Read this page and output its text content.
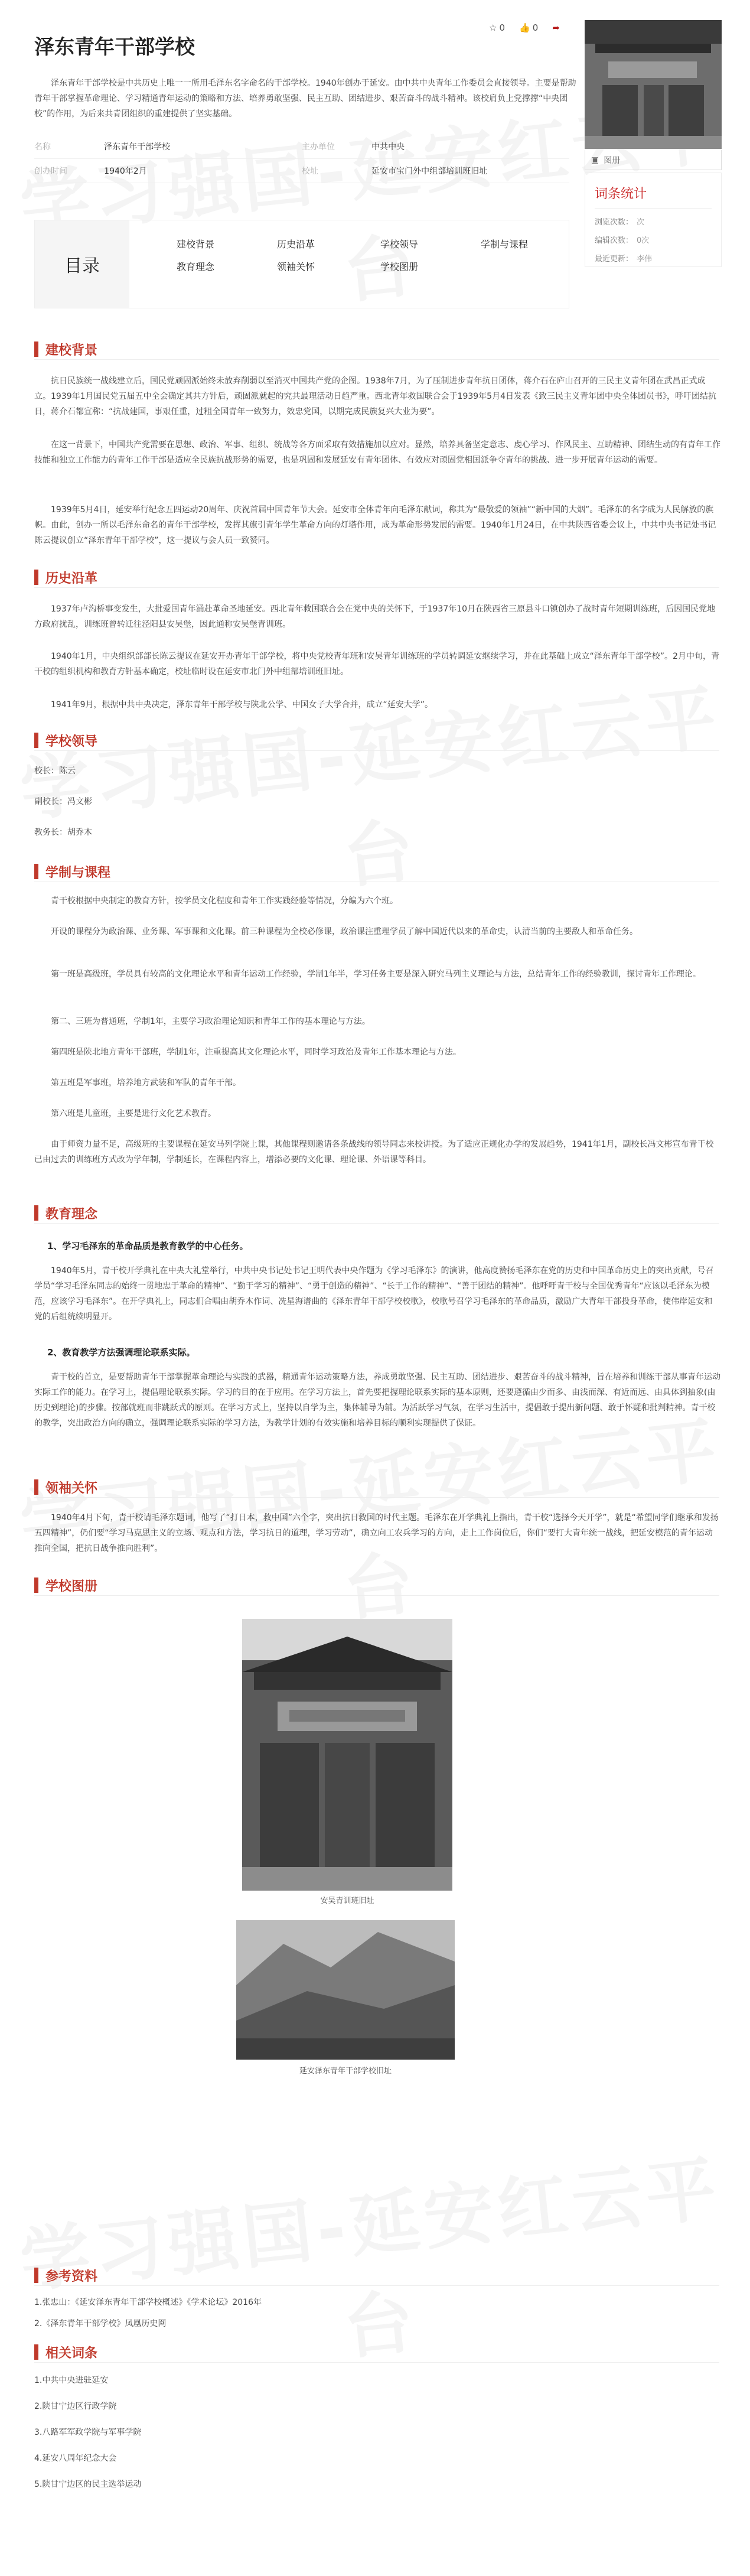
泽东青年干部学校
☆ 0 👍 0 ➦
泽东青年干部学校是中共历史上唯一一所用毛泽东名字命名的干部学校。1940年创办于延安。由中共中央青年工作委员会直接领导。主要是帮助青年干部掌握革命理论、学习精通青年运动的策略和方法、培养勇敢坚强、民主互助、团结进步、艰苦奋斗的战斗精神。该校肩负上党撑撑“中央团校”的作用，为后来共青团组织的重建提供了坚实基础。
▣ 图册
名称	泽东青年干部学校	主办单位	中共中央
创办时间	1940年2月	校址	延安市宝门外中组部培训班旧址
词条统计
浏览次数： 次
编辑次数： 0次
最近更新： 李伟
目录
建校背景	历史沿革	学校领导	学制与课程
教育理念	领袖关怀	学校图册
建校背景
抗日民族统一战线建立后，国民党顽固派始终未放弃削弱以至消灭中国共产党的企图。1938年7月，为了压制进步青年抗日团体，蒋介石在庐山召开的三民主义青年团在武昌正式成立。1939年1月国民党五届五中全会确定其共方针后，顽固派就起的究共最理活动日趋严重。西北青年救国联合会于1939年5月4日发表《致三民主义青年团中央全体团员书》，呼吁团结抗日，蒋介石都宣称：“抗战建国，事艰任重，过粗全国青年一致努力，效忠党国，以期完成民族复兴大业为要”。
在这一背景下，中国共产党需要在思想、政治、军事、组织、统战等各方面采取有效措施加以应对。显然，培养具备坚定意志、虔心学习、作风民主、互助精神、团结生动的有青年工作技能和独立工作能力的青年工作干部是适应全民族抗战形势的需要，也是巩固和发展延安有青年团体、有效应对顽固党相国派争夺青年的挑战、进一步开展青年运动的需要。
1939年5月4日，延安举行纪念五四运动20周年、庆祝首届中国青年节大会。延安市全体青年向毛泽东献词，称其为“最敬爱的领袖”“新中国的大烟”。毛泽东的名字成为人民解放的旗帜。由此，创办一所以毛泽东命名的青年干部学校，发挥其旗引青年学生革命方向的灯塔作用，成为革命形势发展的需要。1940年1月24日，在中共陕西省委会议上，中共中央书记处书记陈云提议创立“泽东青年干部学校”，这一提议与会人员一致赞同。
历史沿革
1937年卢沟桥事变发生，大批爱国青年涌赴革命圣地延安。西北青年救国联合会在党中央的关怀下，于1937年10月在陕西省三原县斗口镇创办了战时青年短期训练班，后因国民党地方政府扰乱，训练班曾转迁往泾阳县安吴堡，因此通称安吴堡青训班。
1940年1月，中央组织部部长陈云提议在延安开办青年干部学校，将中央党校青年班和安吴青年训练班的学员转调延安继续学习，并在此基础上成立“泽东青年干部学校”。2月中旬，青干校的组织机构和教育方针基本确定，校址临时设在延安市北门外中组部培训班旧址。
1941年9月，根据中共中央决定，泽东青年干部学校与陕北公学、中国女子大学合并，成立“延安大学”。
学校领导
校长：陈云
副校长：冯文彬
教务长：胡乔木
学制与课程
青干校根据中央制定的教育方针，按学员文化程度和青年工作实践经验等情况，分编为六个班。
开设的课程分为政治课、业务课、军事课和文化课。前三种课程为全校必修课，政治课注重理学员了解中国近代以来的革命史，认清当前的主要敌人和革命任务。
第一班是高级班，学员具有较高的文化理论水平和青年运动工作经验，学制1年半，学习任务主要是深入研究马列主义理论与方法，总结青年工作的经验教训，探讨青年工作理论。
第二、三班为普通班，学制1年，主要学习政治理论知识和青年工作的基本理论与方法。
第四班是陕北地方青年干部班，学制1年，注重提高其文化理论水平，同时学习政治及青年工作基本理论与方法。
第五班是军事班，培养地方武装和军队的青年干部。
第六班是儿童班，主要是进行文化艺术教育。
由于师资力量不足，高级班的主要课程在延安马列学院上课，其他课程则邀请各条战线的领导同志来校讲授。为了适应正规化办学的发展趋势，1941年1月，副校长冯文彬宣布青干校已由过去的训练班方式改为学年制，学制延长，在课程内容上，增添必要的文化课、理论课、外语课等科目。
教育理念
1、学习毛泽东的革命品质是教育教学的中心任务。
1940年5月，青干校开学典礼在中央大礼堂举行，中共中央书记处书记王明代表中央作题为《学习毛泽东》的演讲，他高度赞扬毛泽东在党的历史和中国革命历史上的突出贡献，号召学员“学习毛泽东同志的始终一贯地忠于革命的精神”、“勤于学习的精神”、“勇于创造的精神”、“长于工作的精神”、“善于团结的精神”。他呼吁青干校与全国优秀青年“应该以毛泽东为模范，应该学习毛泽东”。在开学典礼上，同志们合唱由胡乔木作词、冼星海谱曲的《泽东青年干部学校校歌》，校歌号召学习毛泽东的革命品质，激励广大青年干部投身革命，使伟岸延安和党的后组统续明显开。
2、教育教学方法强调理论联系实际。
青干校的首立，是要帮助青年干部掌握革命理论与实践的武器，精通青年运动策略方法，养成勇敢坚强、民主互助、团结进步、艰苦奋斗的战斗精神，旨在培养和训练干部从事青年运动实际工作的能力。在学习上，提倡理论联系实际。学习的目的在于应用。在学习方法上，首先要把握理论联系实际的基本原则，还要遵循由少而多、由浅而深、有近而远、由具体到抽象(由历史到理论)的步骤。按部就班而非跳跃式的原则。在学习方式上，坚持以自学为主，集体辅导为辅。为活跃学习气氛，在学习生活中，提倡敢于提出新问题、敢于怀疑和批判精神。青干校的教学，突出政治方向的确立，强调理论联系实际的学习方法，为教学计划的有效实施和培养目标的顺利实现提供了保证。
领袖关怀
1940年4月下旬，青干校请毛泽东题词，他写了“打日本，救中国”六个字，突出抗日救国的时代主题。毛泽东在开学典礼上指出，青干校“选择今天开学”，就是“希望同学们继承和发扬五四精神”，仍们要“学习马克思主义的立场、观点和方法，学习抗日的道理，学习劳动”，确立向工农兵学习的方向，走上工作岗位后，你们“要打大青年统一战线，把延安模范的青年运动推向全国，把抗日战争推向胜利”。
学校图册
安吴青训班旧址
延安泽东青年干部学校旧址
参考资料
1.张忠山：《延安泽东青年干部学校概述》《学术论坛》2016年
2.《泽东青年干部学校》凤凰历史网
相关词条
1.中共中央进驻延安
2.陕甘宁边区行政学院
3.八路军军政学院与军事学院
4.延安八周年纪念大会
5.陕甘宁边区的民主选举运动
